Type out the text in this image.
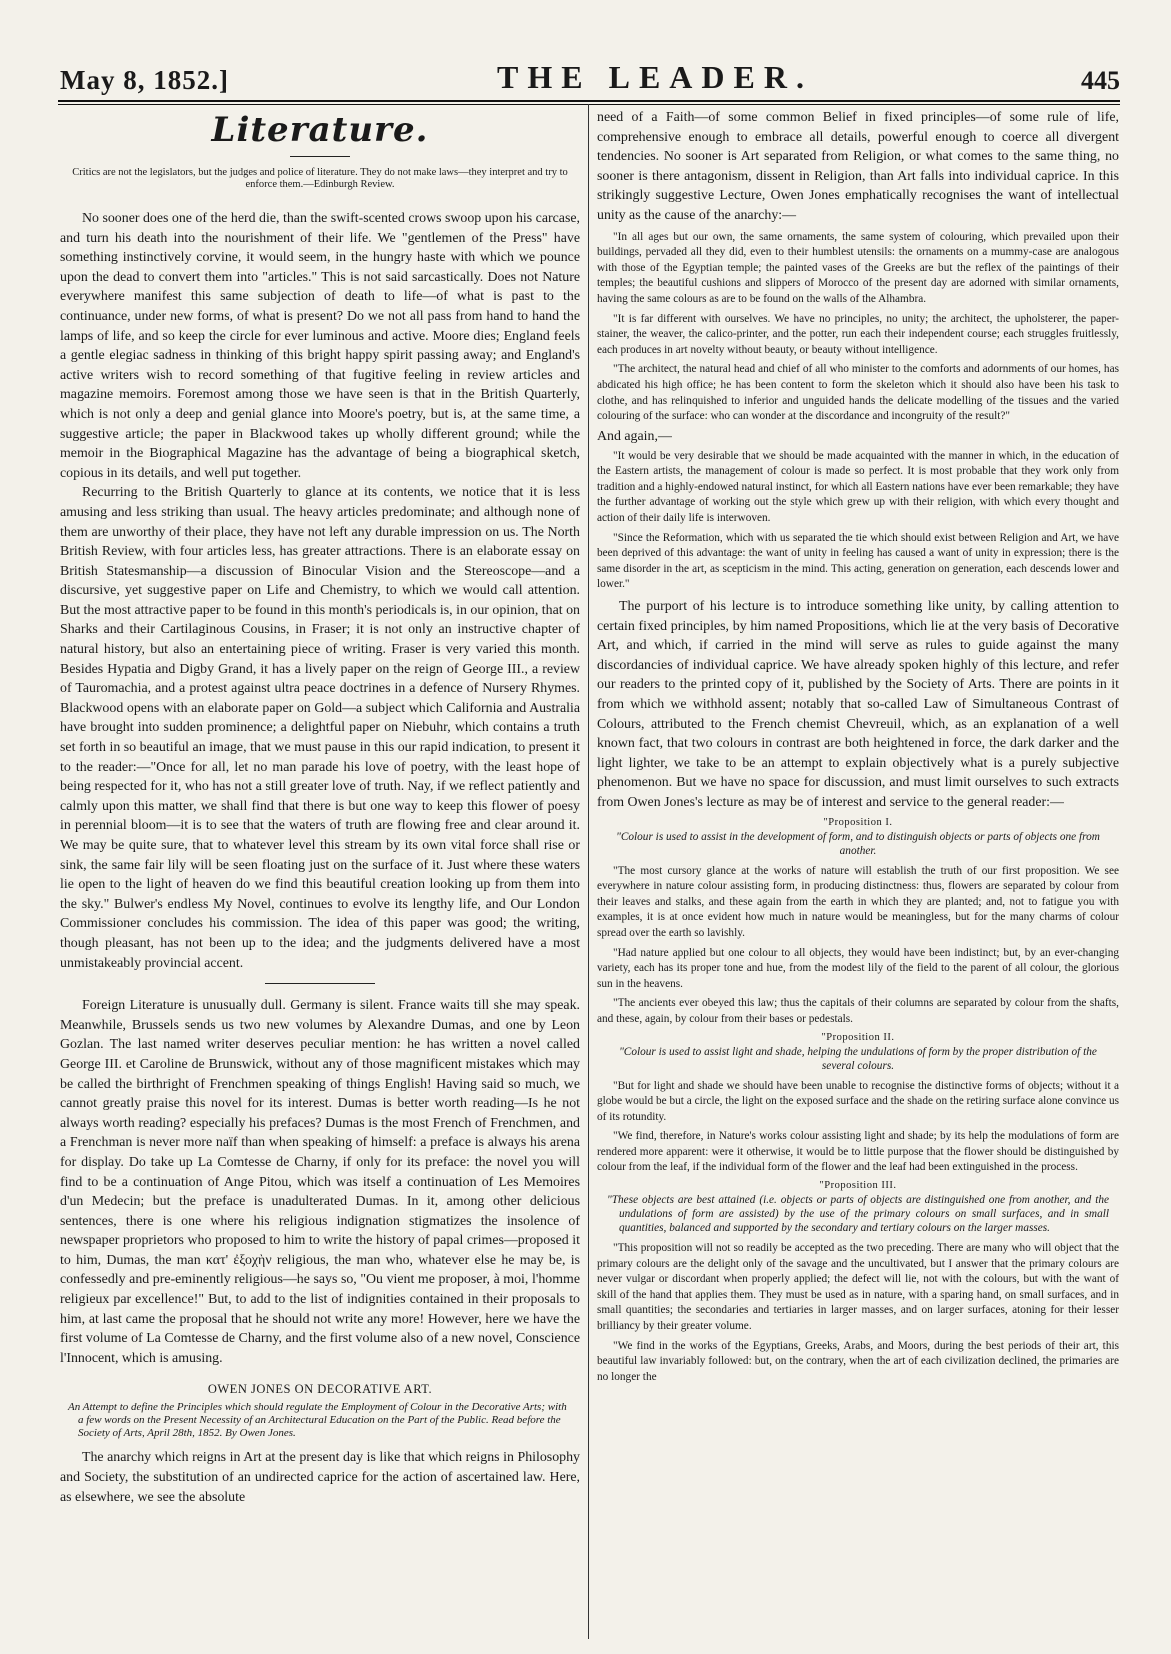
May 8, 1852.]	THE LEADER.	445
Literature.
Critics are not the legislators, but the judges and police of literature. They do not make laws—they interpret and try to enforce them.—Edinburgh Review.

No sooner does one of the herd die, than the swift-scented crows swoop upon his carcase, and turn his death into the nourishment of their life. We "gentlemen of the Press" have something instinctively corvine, it would seem, in the hungry haste with which we pounce upon the dead to convert them into "articles." This is not said sarcastically. Does not Nature everywhere manifest this same subjection of death to life—of what is past to the continuance, under new forms, of what is present? Do we not all pass from hand to hand the lamps of life, and so keep the circle for ever luminous and active. Moore dies; England feels a gentle elegiac sadness in thinking of this bright happy spirit passing away; and England's active writers wish to record something of that fugitive feeling in review articles and magazine memoirs. Foremost among those we have seen is that in the British Quarterly, which is not only a deep and genial glance into Moore's poetry, but is, at the same time, a suggestive article; the paper in Blackwood takes up wholly different ground; while the memoir in the Biographical Magazine has the advantage of being a biographical sketch, copious in its details, and well put together.

Recurring to the British Quarterly to glance at its contents, we notice that it is less amusing and less striking than usual. The heavy articles predominate; and although none of them are unworthy of their place, they have not left any durable impression on us. The North British Review, with four articles less, has greater attractions. There is an elaborate essay on British Statesmanship—a discussion of Binocular Vision and the Stereoscope—and a discursive, yet suggestive paper on Life and Chemistry, to which we would call attention. But the most attractive paper to be found in this month's periodicals is, in our opinion, that on Sharks and their Cartilaginous Cousins, in Fraser; it is not only an instructive chapter of natural history, but also an entertaining piece of writing. Fraser is very varied this month. Besides Hypatia and Digby Grand, it has a lively paper on the reign of George III., a review of Tauromachia, and a protest against ultra peace doctrines in a defence of Nursery Rhymes. Blackwood opens with an elaborate paper on Gold—a subject which California and Australia have brought into sudden prominence; a delightful paper on Niebuhr, which contains a truth set forth in so beautiful an image, that we must pause in this our rapid indication, to present it to the reader:—"Once for all, let no man parade his love of poetry, with the least hope of being respected for it, who has not a still greater love of truth. Nay, if we reflect patiently and calmly upon this matter, we shall find that there is but one way to keep this flower of poesy in perennial bloom—it is to see that the waters of truth are flowing free and clear around it. We may be quite sure, that to whatever level this stream by its own vital force shall rise or sink, the same fair lily will be seen floating just on the surface of it. Just where these waters lie open to the light of heaven do we find this beautiful creation looking up from them into the sky." Bulwer's endless My Novel, continues to evolve its lengthy life, and Our London Commissioner concludes his commission. The idea of this paper was good; the writing, though pleasant, has not been up to the idea; and the judgments delivered have a most unmistakeably provincial accent.

Foreign Literature is unusually dull. Germany is silent. France waits till she may speak. Meanwhile, Brussels sends us two new volumes by Alexandre Dumas, and one by Leon Gozlan. The last named writer deserves peculiar mention: he has written a novel called George III. et Caroline de Brunswick, without any of those magnificent mistakes which may be called the birthright of Frenchmen speaking of things English! Having said so much, we cannot greatly praise this novel for its interest. Dumas is better worth reading—Is he not always worth reading? especially his prefaces? Dumas is the most French of Frenchmen, and a Frenchman is never more naïf than when speaking of himself: a preface is always his arena for display. Do take up La Comtesse de Charny, if only for its preface: the novel you will find to be a continuation of Ange Pitou, which was itself a continuation of Les Memoires d'un Medecin; but the preface is unadulterated Dumas. In it, among other delicious sentences, there is one where his religious indignation stigmatizes the insolence of newspaper proprietors who proposed to him to write the history of papal crimes—proposed it to him, Dumas, the man κατ' ἐξοχὴν religious, the man who, whatever else he may be, is confessedly and pre-eminently religious—he says so, "Ou vient me proposer, à moi, l'homme religieux par excellence!" But, to add to the list of indignities contained in their proposals to him, at last came the proposal that he should not write any more! However, here we have the first volume of La Comtesse de Charny, and the first volume also of a new novel, Conscience l'Innocent, which is amusing.

OWEN JONES ON DECORATIVE ART.
An Attempt to define the Principles which should regulate the Employment of Colour in the Decorative Arts; with a few words on the Present Necessity of an Architectural Education on the Part of the Public. Read before the Society of Arts, April 28th, 1852. By Owen Jones.

The anarchy which reigns in Art at the present day is like that which reigns in Philosophy and Society, the substitution of an undirected caprice for the action of ascertained law. Here, as elsewhere, we see the absolute

need of a Faith—of some common Belief in fixed principles—of some rule of life, comprehensive enough to embrace all details, powerful enough to coerce all divergent tendencies. No sooner is Art separated from Religion, or what comes to the same thing, no sooner is there antagonism, dissent in Religion, than Art falls into individual caprice. In this strikingly suggestive Lecture, Owen Jones emphatically recognises the want of intellectual unity as the cause of the anarchy:—

"In all ages but our own, the same ornaments, the same system of colouring, which prevailed upon their buildings, pervaded all they did, even to their humblest utensils: the ornaments on a mummy-case are analogous with those of the Egyptian temple; the painted vases of the Greeks are but the reflex of the paintings of their temples; the beautiful cushions and slippers of Morocco of the present day are adorned with similar ornaments, having the same colours as are to be found on the walls of the Alhambra.
"It is far different with ourselves. We have no principles, no unity; the architect, the upholsterer, the paper-stainer, the weaver, the calico-printer, and the potter, run each their independent course; each struggles fruitlessly, each produces in art novelty without beauty, or beauty without intelligence.
"The architect, the natural head and chief of all who minister to the comforts and adornments of our homes, has abdicated his high office; he has been content to form the skeleton which it should also have been his task to clothe, and has relinquished to inferior and unguided hands the delicate modelling of the tissues and the varied colouring of the surface: who can wonder at the discordance and incongruity of the result?"
And again,—
"It would be very desirable that we should be made acquainted with the manner in which, in the education of the Eastern artists, the management of colour is made so perfect. It is most probable that they work only from tradition and a highly-endowed natural instinct, for which all Eastern nations have ever been remarkable; they have the further advantage of working out the style which grew up with their religion, with which every thought and action of their daily life is interwoven.
"Since the Reformation, which with us separated the tie which should exist between Religion and Art, we have been deprived of this advantage: the want of unity in feeling has caused a want of unity in expression; there is the same disorder in the art, as scepticism in the mind. This acting, generation on generation, each descends lower and lower."

The purport of his lecture is to introduce something like unity, by calling attention to certain fixed principles, by him named Propositions, which lie at the very basis of Decorative Art, and which, if carried in the mind will serve as rules to guide against the many discordancies of individual caprice. We have already spoken highly of this lecture, and refer our readers to the printed copy of it, published by the Society of Arts. There are points in it from which we withhold assent; notably that so-called Law of Simultaneous Contrast of Colours, attributed to the French chemist Chevreuil, which, as an explanation of a well known fact, that two colours in contrast are both heightened in force, the dark darker and the light lighter, we take to be an attempt to explain objectively what is a purely subjective phenomenon. But we have no space for discussion, and must limit ourselves to such extracts from Owen Jones's lecture as may be of interest and service to the general reader:—

"Proposition I.
"Colour is used to assist in the development of form, and to distinguish objects or parts of objects one from another.
"The most cursory glance at the works of nature will establish the truth of our first proposition. We see everywhere in nature colour assisting form, in producing distinctness: thus, flowers are separated by colour from their leaves and stalks, and these again from the earth in which they are planted; and, not to fatigue you with examples, it is at once evident how much in nature would be meaningless, but for the many charms of colour spread over the earth so lavishly.
"Had nature applied but one colour to all objects, they would have been indistinct; but, by an ever-changing variety, each has its proper tone and hue, from the modest lily of the field to the parent of all colour, the glorious sun in the heavens.
"The ancients ever obeyed this law; thus the capitals of their columns are separated by colour from the shafts, and these, again, by colour from their bases or pedestals.
"Proposition II.
"Colour is used to assist light and shade, helping the undulations of form by the proper distribution of the several colours.
"But for light and shade we should have been unable to recognise the distinctive forms of objects; without it a globe would be but a circle, the light on the exposed surface and the shade on the retiring surface alone convince us of its rotundity.
"We find, therefore, in Nature's works colour assisting light and shade; by its help the modulations of form are rendered more apparent: were it otherwise, it would be to little purpose that the flower should be distinguished by colour from the leaf, if the individual form of the flower and the leaf had been extinguished in the process.
"Proposition III.
"These objects are best attained (i.e. objects or parts of objects are distinguished one from another, and the undulations of form are assisted) by the use of the primary colours on small surfaces, and in small quantities, balanced and supported by the secondary and tertiary colours on the larger masses.
"This proposition will not so readily be accepted as the two preceding. There are many who will object that the primary colours are the delight only of the savage and the uncultivated, but I answer that the primary colours are never vulgar or discordant when properly applied; the defect will lie, not with the colours, but with the want of skill of the hand that applies them. They must be used as in nature, with a sparing hand, on small surfaces, and in small quantities; the secondaries and tertiaries in larger masses, and on larger surfaces, atoning for their lesser brilliancy by their greater volume.
"We find in the works of the Egyptians, Greeks, Arabs, and Moors, during the best periods of their art, this beautiful law invariably followed: but, on the contrary, when the art of each civilization declined, the primaries are no longer the
